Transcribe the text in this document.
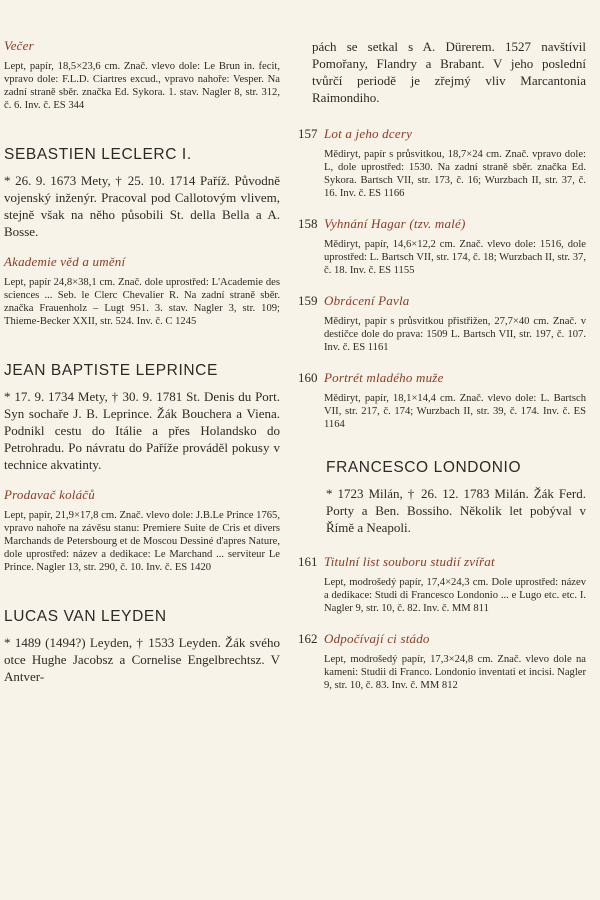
Večer

Lept, papír, 18,5×23,6 cm. Znač. vlevo dole: Le Brun in. fecit, vpravo dole: F.L.D. Ciartres excud., vpravo nahoře: Vesper. Na zadní straně sběr. značka Ed. Sykora. 1. stav. Nagler 8, str. 312, č. 6. Inv. č. ES 344

SEBASTIEN LECLERC I.

* 26. 9. 1673 Mety, † 25. 10. 1714 Paříž. Původně vojenský inženýr. Pracoval pod Callotovým vlivem, stejně však na něho působili St. della Bella a A. Bosse.

Akademie věd a umění

Lept, papír 24,8×38,1 cm. Znač. dole uprostřed: L'Academie des sciences ... Seb. le Clerc Chevalier R. Na zadní straně sběr. značka Frauenholz – Lugt 951. 3. stav. Nagler 3, str. 109; Thieme-Becker XXII, str. 524. Inv. č. C 1245

JEAN BAPTISTE LEPRINCE

* 17. 9. 1734 Mety, † 30. 9. 1781 St. Denis du Port. Syn sochaře J. B. Leprince. Žák Bouchera a Viena. Podnikl cestu do Itálie a přes Holandsko do Petrohradu. Po návratu do Paříže prováděl pokusy v technice akvatinty.

Prodavač koláčů

Lept, papír, 21,9×17,8 cm. Znač. vlevo dole: J.B.Le Prince 1765, vpravo nahoře na závěsu stanu: Premiere Suite de Cris et divers Marchands de Petersbourg et de Moscou Dessiné d'apres Nature, dole uprostřed: název a dedikace: Le Marchand ... serviteur Le Prince. Nagler 13, str. 290, č. 10. Inv. č. ES 1420

LUCAS VAN LEYDEN

* 1489 (1494?) Leyden, † 1533 Leyden. Žák svého otce Hughe Jacobsz a Cornelise Engelbrechtsz. V Antver-

pách se setkal s A. Dürerem. 1527 navštívil Pomořany, Flandry a Brabant. V jeho poslední tvůrčí periodě je zřejmý vliv Marcantonia Raimondiho.

157 Lot a jeho dcery

Mědiryt, papír s průsvitkou, 18,7×24 cm. Znač. vpravo dole: L, dole uprostřed: 1530. Na zadní straně sběr. značka Ed. Sykora. Bartsch VII, str. 173, č. 16; Wurzbach II, str. 37, č. 16. Inv. č. ES 1166

158 Vyhnání Hagar (tzv. malé)

Mědiryt, papír, 14,6×12,2 cm. Znač. vlevo dole: 1516, dole uprostřed: L. Bartsch VII, str. 174, č. 18; Wurzbach II, str. 37, č. 18. Inv. č. ES 1155

159 Obrácení Pavla

Mědiryt, papír s průsvitkou přistřižen, 27,7×40 cm. Znač. v destičce dole do prava: 1509 L. Bartsch VII, str. 197, č. 107. Inv. č. ES 1161

160 Portrét mladého muže

Mědiryt, papír, 18,1×14,4 cm. Znač. vlevo dole: L. Bartsch VII, str. 217, č. 174; Wurzbach II, str. 39, č. 174. Inv. č. ES 1164

FRANCESCO LONDONIO

* 1723 Milán, † 26. 12. 1783 Milán. Žák Ferd. Porty a Ben. Bossiho. Několik let pobýval v Římě a Neapoli.

161 Titulní list souboru studií zvířat

Lept, modrošedý papír, 17,4×24,3 cm. Dole uprostřed: název a dedikace: Studi di Francesco Londonio ... e Lugo etc. etc. I. Nagler 9, str. 10, č. 82. Inv. č. MM 811

162 Odpočívají ci stádo

Lept, modrošedý papír, 17,3×24,8 cm. Znač. vlevo dole na kameni: Studii di Franco. Londonio inventati et incisi. Nagler 9, str. 10, č. 83. Inv. č. MM 812
